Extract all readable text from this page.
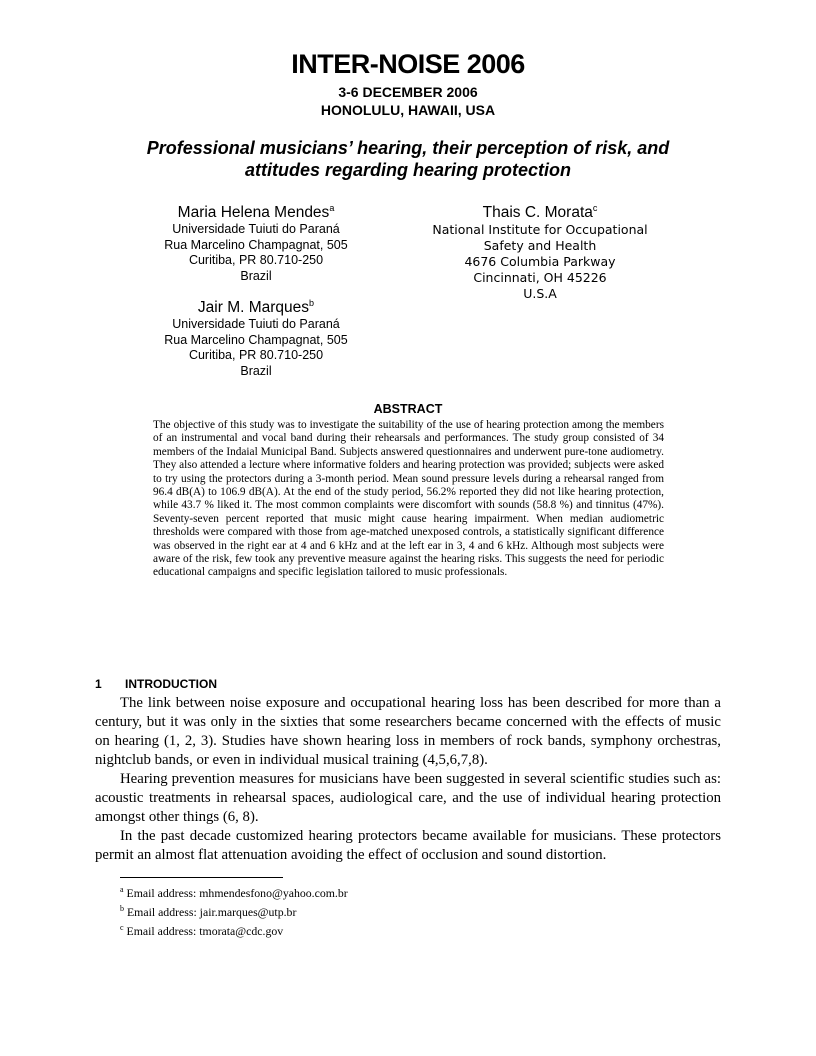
INTER-NOISE 2006
3-6 DECEMBER 2006
HONOLULU, HAWAII, USA
Professional musicians’ hearing, their perception of risk, and
attitudes regarding hearing protection
Maria Helena Mendes$^a$
Universidade Tuiuti do Paraná
Rua Marcelino Champagnat, 505
Curitiba, PR 80.710-250
Brazil
Thais C. Morata$^c$
National Institute for Occupational
Safety and Health
4676 Columbia Parkway
Cincinnati, OH 45226
U.S.A
Jair M. Marques$^b$
Universidade Tuiuti do Paraná
Rua Marcelino Champagnat, 505
Curitiba, PR 80.710-250
Brazil
ABSTRACT
The objective of this study was to investigate the suitability of the use of hearing protection among the members of an instrumental and vocal band during their rehearsals and performances. The study group consisted of 34 members of the Indaial Municipal Band. Subjects answered questionnaires and underwent pure-tone audiometry. They also attended a lecture where informative folders and hearing protection was provided; subjects were asked to try using the protectors during a 3-month period. Mean sound pressure levels during a rehearsal ranged from 96.4 dB(A) to 106.9 dB(A). At the end of the study period, 56.2% reported they did not like hearing protection, while 43.7 % liked it. The most common complaints were discomfort with sounds (58.8 %) and tinnitus (47%). Seventy-seven percent reported that music might cause hearing impairment. When median audiometric thresholds were compared with those from age-matched unexposed controls, a statistically significant difference was observed in the right ear at 4 and 6 kHz and at the left ear in 3, 4 and 6 kHz. Although most subjects were aware of the risk, few took any preventive measure against the hearing risks. This suggests the need for periodic educational campaigns and specific legislation tailored to music professionals.
1 INTRODUCTION

The link between noise exposure and occupational hearing loss has been described for more than a century, but it was only in the sixties that some researchers became concerned with the effects of music on hearing (1, 2, 3). Studies have shown hearing loss in members of rock bands, symphony orchestras, nightclub bands, or even in individual musical training (4,5,6,7,8).

Hearing prevention measures for musicians have been suggested in several scientific studies such as: acoustic treatments in rehearsal spaces, audiological care, and the use of individual hearing protection amongst other things (6, 8).

In the past decade customized hearing protectors became available for musicians. These protectors permit an almost flat attenuation avoiding the effect of occlusion and sound distortion.

$^a$ Email address: mhmendesfono@yahoo.com.br
$^b$ Email address: jair.marques@utp.br
$^c$ Email address: tmorata@cdc.gov
